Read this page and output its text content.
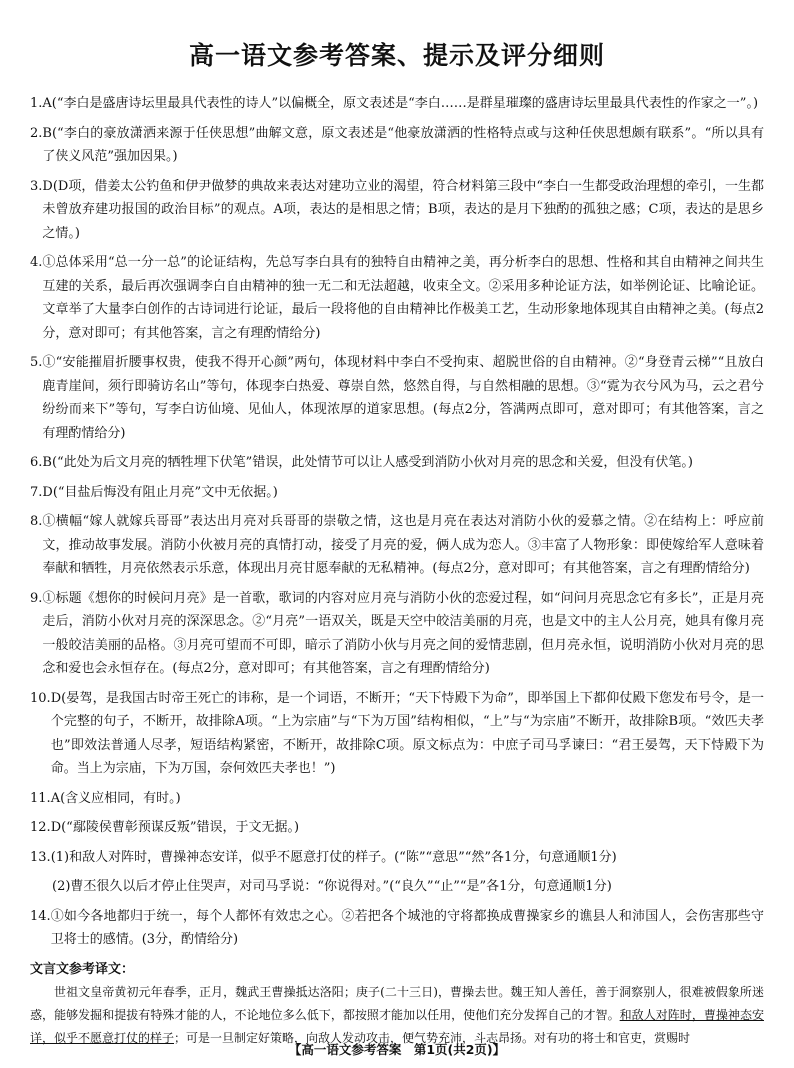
高一语文参考答案、提示及评分细则
1. A(“李白是盛唐诗坛里最具代表性的诗人”以偏概全，原文表述是“李白……是群星璀璨的盛唐诗坛里最具代表性的作家之一”。)
2. B(“李白的豪放潇洒来源于任侠思想”曲解文意，原文表述是“他豪放潇洒的性格特点或与这种任侠思想颇有联系”。“所以具有了侠义风范”强加因果。)
3. D(D项，借姜太公钓鱼和伊尹做梦的典故来表达对建功立业的渴望，符合材料第三段中“李白一生都受政治理想的牵引，一生都未曾放弃建功报国的政治目标”的观点。A项，表达的是相思之情；B项，表达的是月下独酌的孤独之感；C项，表达的是思乡之情。)
4. ①总体采用“总一分一总”的论证结构，先总写李白具有的独特自由精神之美，再分析李白的思想、性格和其自由精神之间共生互建的关系，最后再次强调李白自由精神的独一无二和无法超越，收束全文。②采用多种论证方法，如举例论证、比喻论证。文章举了大量李白创作的古诗词进行论证，最后一段将他的自由精神比作极美工艺，生动形象地体现其自由精神之美。(每点2分，意对即可；有其他答案，言之有理酌情给分)
5. ①“安能摧眉折腰事权贵，使我不得开心颜”两句，体现材料中李白不受拘束、超脱世俗的自由精神。②“身登青云梯”“且放白鹿青崖间，须行即骑访名山”等句，体现李白热爱、尊崇自然，悠然自得，与自然相融的思想。③“霓为衣兮风为马，云之君兮纷纷而来下”等句，写李白访仙境、见仙人，体现浓厚的道家思想。(每点2分，答满两点即可，意对即可；有其他答案，言之有理酌情给分)
6. B(“此处为后文月亮的牺牲埋下伏笔”错误，此处情节可以让人感受到消防小伙对月亮的思念和关爱，但没有伏笔。)
7. D(“目盐后悔没有阻止月亮”文中无依据。)
8. ①横幅“嫁人就嫁兵哥哥”表达出月亮对兵哥哥的崇敬之情，这也是月亮在表达对消防小伙的爱慕之情。②在结构上：呼应前文，推动故事发展。消防小伙被月亮的真情打动，接受了月亮的爱，俩人成为恋人。③丰富了人物形象：即使嫁给军人意味着奉献和牺牲，月亮依然表示乐意，体现出月亮甘愿奉献的无私精神。(每点2分，意对即可；有其他答案，言之有理酌情给分)
9. ①标题《想你的时候问月亮》是一首歌，歌词的内容对应月亮与消防小伙的恋爱过程，如“问问月亮思念它有多长”，正是月亮走后，消防小伙对月亮的深深思念。②“月亮”一语双关，既是天空中皎洁美丽的月亮，也是文中的主人公月亮，她具有像月亮一般皎洁美丽的品格。③月亮可望而不可即，暗示了消防小伙与月亮之间的爱情悲剧，但月亮永恒，说明消防小伙对月亮的思念和爱也会永恒存在。(每点2分，意对即可；有其他答案，言之有理酌情给分)
10. D(晏驾，是我国古时帝王死亡的讳称，是一个词语，不断开；“天下恃殿下为命”，即举国上下都仰仗殿下您发布号令，是一个完整的句子，不断开，故排除A项。“上为宗庙”与“下为万国”结构相似，“上”与“为宗庙”不断开，故排除B项。“效匹夫孝也”即效法普通人尽孝，短语结构紧密，不断开，故排除C项。原文标点为：中庶子司马孚谏曰：“君王晏驾，天下恃殿下为命。当上为宗庙，下为万国，奈何效匹夫孝也！”)
11. A(含义应相同，有时。)
12. D(“鄢陵侯曹彰预谋反叛”错误，于文无据。)
13. (1)和敌人对阵时，曹操神态安详，似乎不愿意打仗的样子。(“陈”“意思”“然”各1分，句意通顺1分)
(2)曹丕很久以后才停止住哭声，对司马孚说：“你说得对。”(“良久”“止”“是”各1分，句意通顺1分)
14. ①如今各地都归于统一，每个人都怀有效忠之心。②若把各个城池的守将都换成曹操家乡的谯县人和沛国人，会伤害那些守卫将士的感情。(3分，酌情给分)
文言文参考译文：

世祖文皇帝黄初元年春季，正月，魏武王曹操抵达洛阳；庚子(二十三日)，曹操去世。魏王知人善任，善于洞察别人，很难被假象所迷惑，能够发掘和提拔有特殊才能的人，不论地位多么低下，都按照才能加以任用，使他们充分发挥自己的才智。和敌人对阵时，曹操神态安详，似乎不愿意打仗的样子；可是一旦制定好策略，向敌人发动攻击，便气势充沛，斗志昂扬。对有功的将士和官吏，赏赐时

【高一语文参考答案　第1页(共2页)】
